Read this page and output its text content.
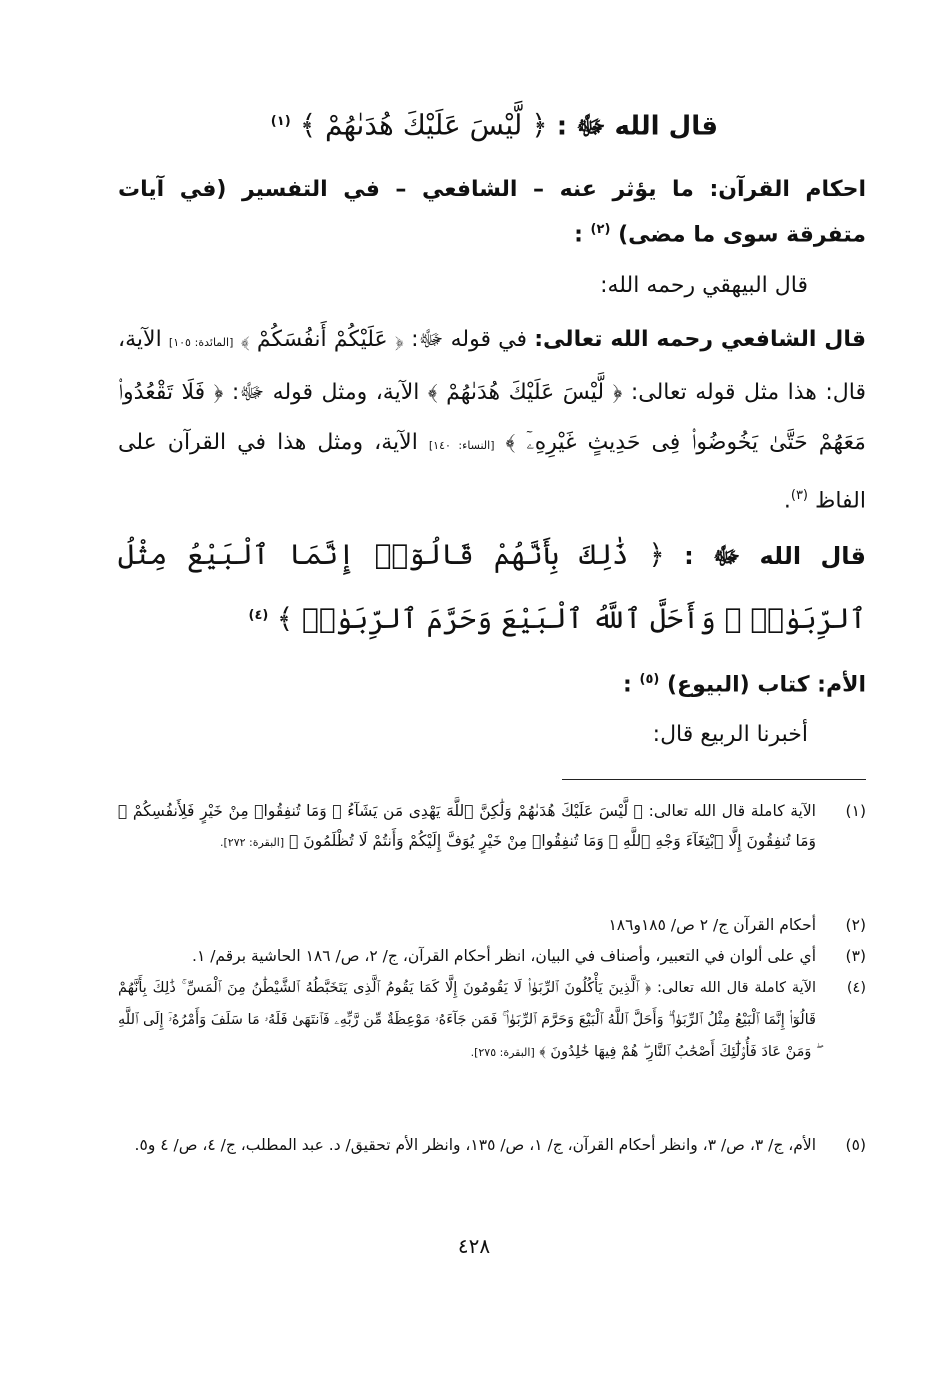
قال الله ﷻ : ﴿ لَّيْسَ عَلَيْكَ هُدَىٰهُمْ ﴾ $^{(١)}$

احكام القرآن: ما يؤثر عنه – الشافعي – في التفسير (في آيات متفرقة سوى ما مضى) $^{(٢)}$ :

قال البيهقي رحمه الله:

قال الشافعي رحمه الله تعالى: في قوله ﷻ: ﴿ عَلَيْكُمْ أَنفُسَكُمْ ﴾ [المائدة: ١٠٥] الآية، قال: هذا مثل قوله تعالى: ﴿ لَّيْسَ عَلَيْكَ هُدَىٰهُمْ ﴾ الآية، ومثل قوله ﷻ: ﴿ فَلَا تَقْعُدُوا۟ مَعَهُمْ حَتَّىٰ يَخُوضُوا۟ فِى حَدِيثٍ غَيْرِهِۦٓ ﴾ [النساء: ١٤٠] الآية، ومثل هذا في القرآن على الفاظ $^{(٣)}$.

قال الله ﷻ : ﴿ ذَٰلِكَ بِأَنَّهُمْ قَالُوٓا۟ إِنَّمَا ٱلْبَيْعُ مِثْلُ ٱلرِّبَوٰا۟ ۗ وَأَحَلَّ ٱللَّهُ ٱلْبَيْعَ وَحَرَّمَ ٱلرِّبَوٰا۟ ﴾ $^{(٤)}$

الأم: كتاب (البيوع) $^{(٥)}$ :

أخبرنا الربيع قال:

(١)
الآية كاملة قال الله تعالى: ﴿ لَّيْسَ عَلَيْكَ هُدَىٰهُمْ وَلَٰكِنَّ ٱللَّهَ يَهْدِى مَن يَشَآءُ ۗ وَمَا تُنفِقُوا۟ مِنْ خَيْرٍ فَلِأَنفُسِكُمْ ۚ وَمَا تُنفِقُونَ إِلَّا ٱبْتِغَآءَ وَجْهِ ٱللَّهِ ۚ وَمَا تُنفِقُوا۟ مِنْ خَيْرٍ يُوَفَّ إِلَيْكُمْ وَأَنتُمْ لَا تُظْلَمُونَ ﴾ [البقرة: ٢٧٢].
(٢)
أحكام القرآن ج/ ٢ ص/ ١٨٥و١٨٦
(٣)
أي على ألوان في التعبير، وأصناف في البيان، انظر أحكام القرآن، ج/ ٢، ص/ ١٨٦ الحاشية برقم/ ١.
(٤)
الآية كاملة قال الله تعالى: ﴿ ٱلَّذِينَ يَأْكُلُونَ ٱلرِّبَوٰا۟ لَا يَقُومُونَ إِلَّا كَمَا يَقُومُ ٱلَّذِى يَتَخَبَّطُهُ ٱلشَّيْطَٰنُ مِنَ ٱلْمَسِّ ۚ ذَٰلِكَ بِأَنَّهُمْ قَالُوٓا۟ إِنَّمَا ٱلْبَيْعُ مِثْلُ ٱلرِّبَوٰا۟ ۗ وَأَحَلَّ ٱللَّهُ ٱلْبَيْعَ وَحَرَّمَ ٱلرِّبَوٰا۟ ۚ فَمَن جَآءَهُۥ مَوْعِظَةٌ مِّن رَّبِّهِۦ فَٱنتَهَىٰ فَلَهُۥ مَا سَلَفَ وَأَمْرُهُۥٓ إِلَى ٱللَّهِ ۖ وَمَنْ عَادَ فَأُو۟لَٰٓئِكَ أَصْحَٰبُ ٱلنَّارِ ۖ هُمْ فِيهَا خَٰلِدُونَ ﴾ [البقرة: ٢٧٥].
(٥)
الأم، ج/ ٣، ص/ ٣، وانظر أحكام القرآن، ج/ ١، ص/ ١٣٥، وانظر الأم تحقيق/ د. عبد المطلب، ج/ ٤، ص/ ٤ و٥.
٤٢٨
